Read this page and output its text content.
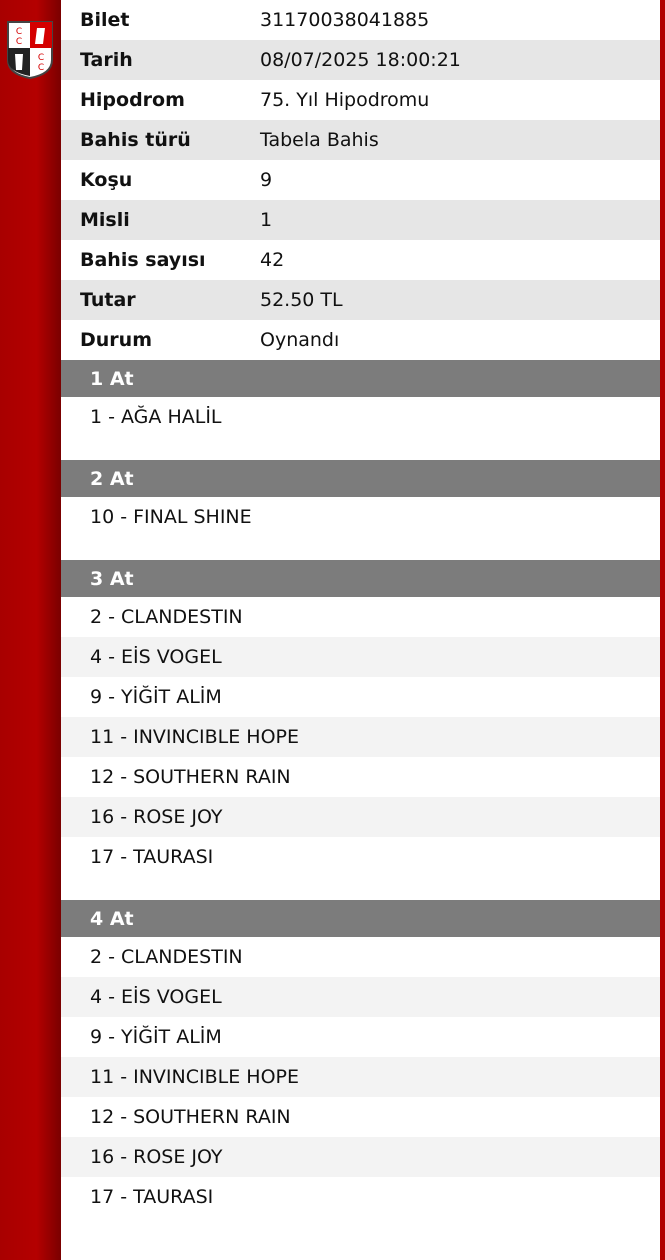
C
C
C
C
Bilet	31170038041885
Tarih	08/07/2025 18:00:21
Hipodrom	75. Yıl Hipodromu
Bahis türü	Tabela Bahis
Koşu	9
Misli	1
Bahis sayısı	42
Tutar	52.50 TL
Durum	Oynandı
1 At
1 - AĞA HALİL
2 At
10 - FINAL SHINE
3 At
2 - CLANDESTIN
4 - EİS VOGEL
9 - YİĞİT ALİM
11 - INVINCIBLE HOPE
12 - SOUTHERN RAIN
16 - ROSE JOY
17 - TAURASI
4 At
2 - CLANDESTIN
4 - EİS VOGEL
9 - YİĞİT ALİM
11 - INVINCIBLE HOPE
12 - SOUTHERN RAIN
16 - ROSE JOY
17 - TAURASI
